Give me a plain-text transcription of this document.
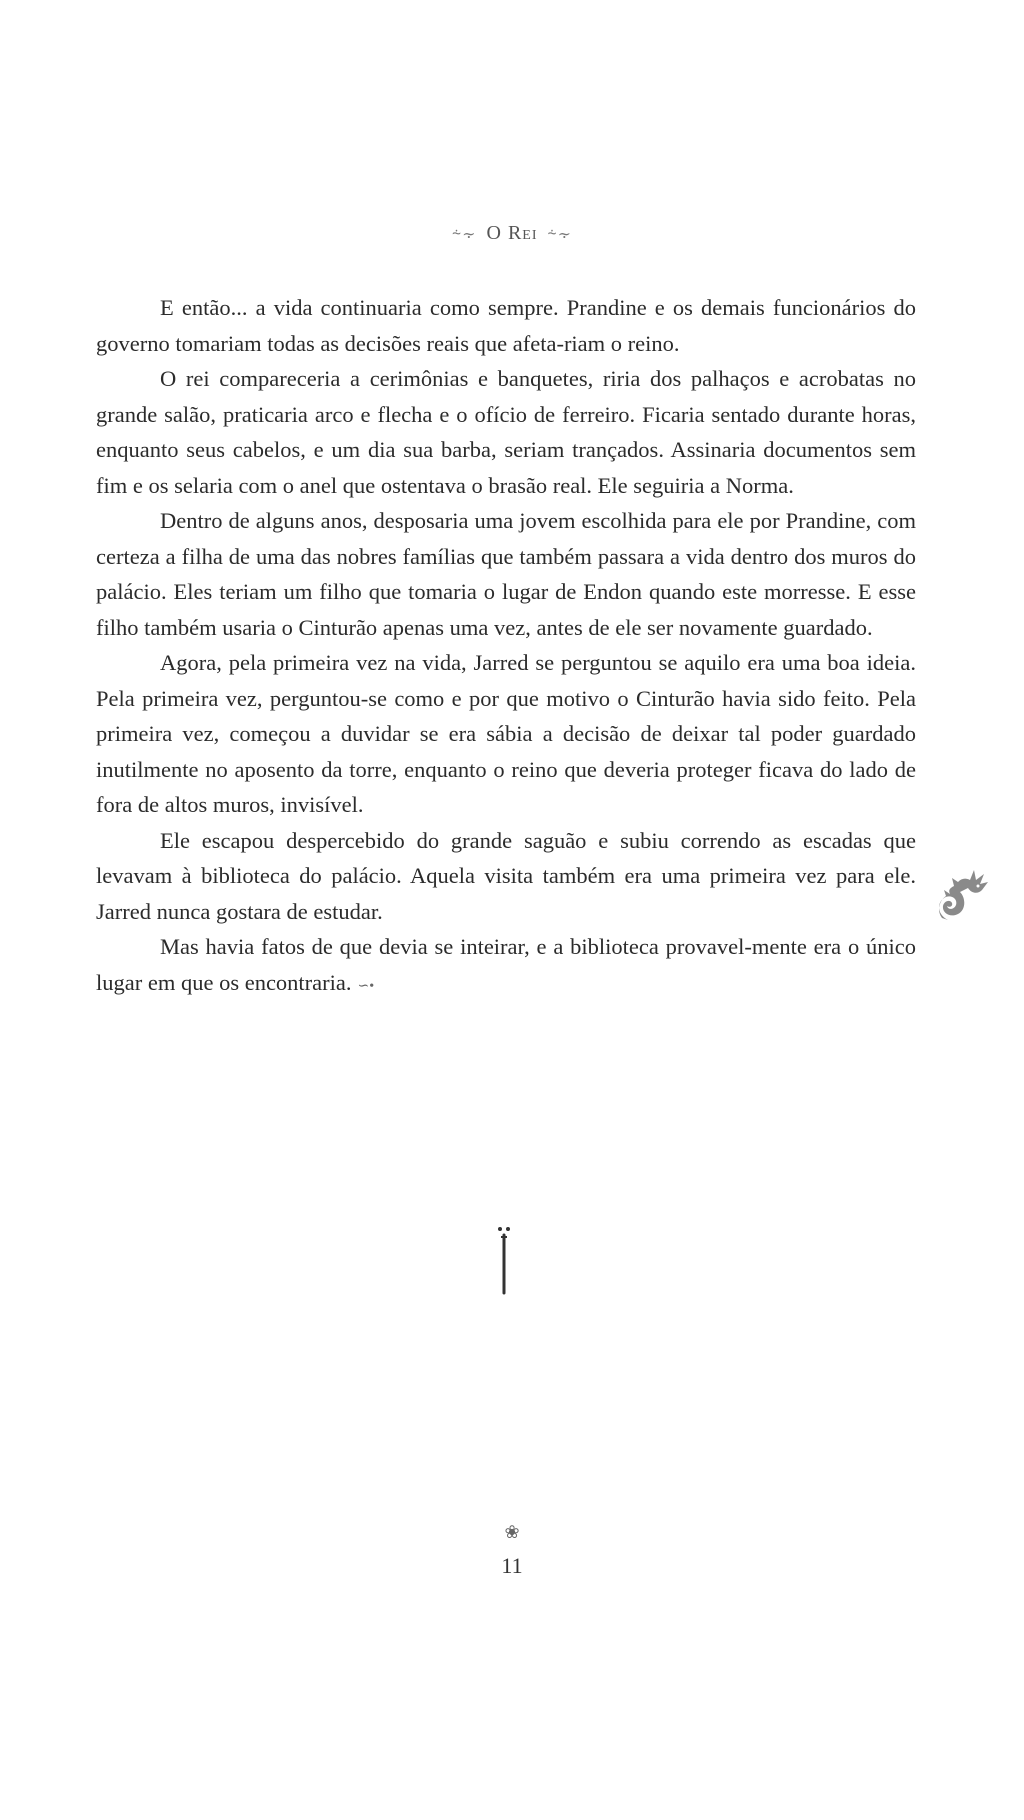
⸞⸟ O Rei ⸞⸟

E então... a vida continuaria como sempre. Prandine e os demais funcionários do governo tomariam todas as decisões reais que afeta-riam o reino.

O rei compareceria a cerimônias e banquetes, riria dos palhaços e acrobatas no grande salão, praticaria arco e flecha e o ofício de ferreiro. Ficaria sentado durante horas, enquanto seus cabelos, e um dia sua barba, seriam trançados. Assinaria documentos sem fim e os selaria com o anel que ostentava o brasão real. Ele seguiria a Norma.

Dentro de alguns anos, desposaria uma jovem escolhida para ele por Prandine, com certeza a filha de uma das nobres famílias que também passara a vida dentro dos muros do palácio. Eles teriam um filho que tomaria o lugar de Endon quando este morresse. E esse filho também usaria o Cinturão apenas uma vez, antes de ele ser novamente guardado.

Agora, pela primeira vez na vida, Jarred se perguntou se aquilo era uma boa ideia. Pela primeira vez, perguntou-se como e por que motivo o Cinturão havia sido feito. Pela primeira vez, começou a duvidar se era sábia a decisão de deixar tal poder guardado inutilmente no aposento da torre, enquanto o reino que deveria proteger ficava do lado de fora de altos muros, invisível.

Ele escapou despercebido do grande saguão e subiu correndo as escadas que levavam à biblioteca do palácio. Aquela visita também era uma primeira vez para ele. Jarred nunca gostara de estudar.

Mas havia fatos de que devia se inteirar, e a biblioteca provavel-mente era o único lugar em que os encontraria. ∽•

❀
11
